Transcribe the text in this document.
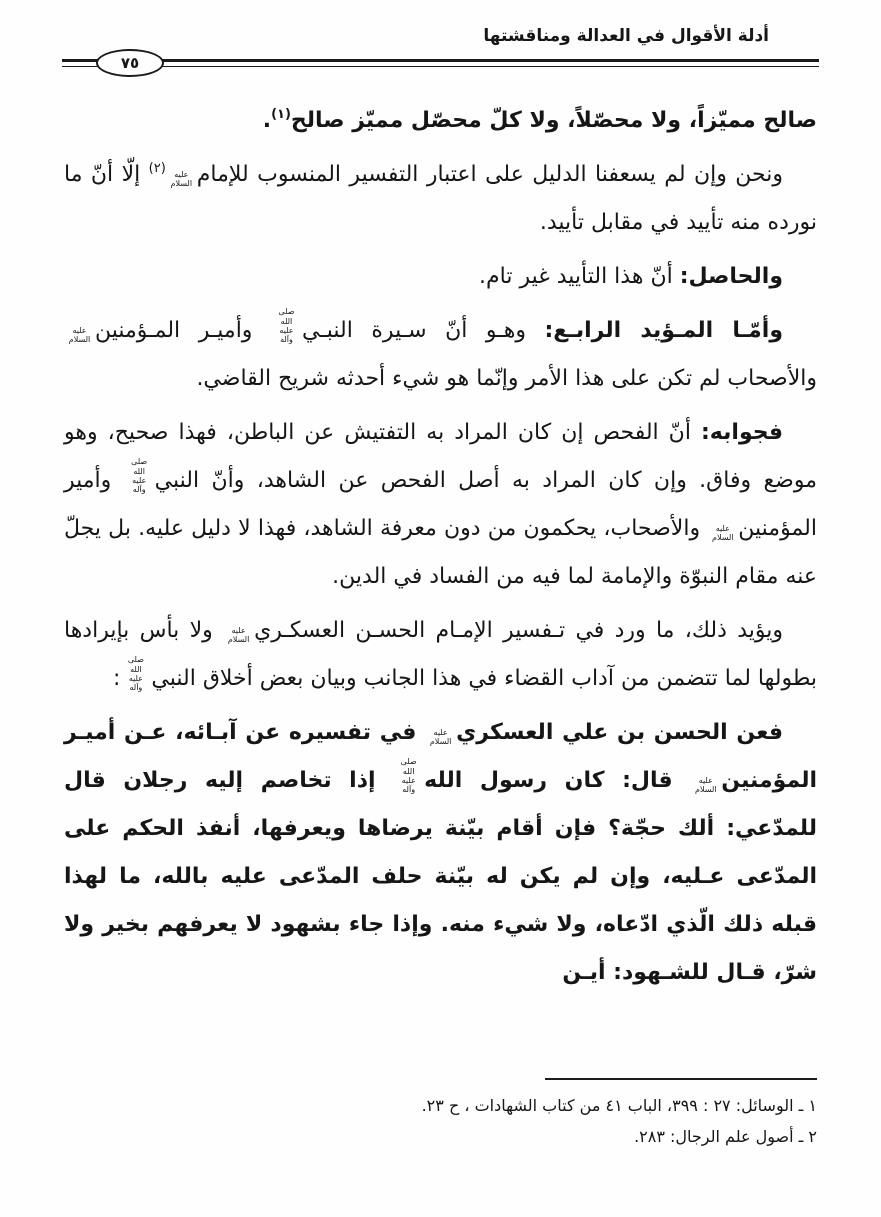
أدلة الأقوال في العدالة ومناقشتها
٧٥

صالح مميّزاً، ولا محصّلاً، ولا كلّ محصّل مميّز صالح$^{(١)}$.

ونحن وإن لم يسعفنا الدليل على اعتبار التفسير المنسوب للإمامعليه السلام$^{(٢)}$ إلّا أنّ ما نورده منه تأييد في مقابل تأييد.

والحاصل: أنّ هذا التأييد غير تام.

وأمّـا المـؤيد الرابـع: وهـو أنّ سـيرة النبـيصلى الله عليه وآله وأميـر المـؤمنينعليه السلام والأصحاب لم تكن على هذا الأمر وإنّما هو شيء أحدثه شريح القاضي.

فجوابه: أنّ الفحص إن كان المراد به التفتيش عن الباطن، فهذا صحيح، وهو موضع وفاق. وإن كان المراد به أصل الفحص عن الشاهد، وأنّ النبيصلى الله عليه وآله وأمير المؤمنينعليه السلام والأصحاب، يحكمون من دون معرفة الشاهد، فهذا لا دليل عليه. بل يجلّ عنه مقام النبوّة والإمامة لما فيه من الفساد في الدين.

ويؤيد ذلك، ما ورد في تـفسير الإمـام الحسـن العسكـريعليه السلام ولا بأس بإيرادها بطولها لما تتضمن من آداب القضاء في هذا الجانب وبيان بعض أخلاق النبيصلى الله عليه وآله:

فعن الحسن بن علي العسكريعليه السلام في تفسيره عن آبـائه، عـن أميـر المؤمنينعليه السلام قال: كان رسول اللهصلى الله عليه وآله إذا تخاصم إليه رجلان قال للمدّعي: ألك حجّة؟ فإن أقام بيّنة يرضاها ويعرفها، أنفذ الحكم على المدّعى عـليه، وإن لم يكن له بيّنة حلف المدّعى عليه بالله، ما لهذا قبله ذلك الّذي ادّعاه، ولا شيء منه. وإذا جاء بشهود لا يعرفهم بخير ولا شرّ، قـال للشـهود: أيـن

١ ـ الوسائل: ٢٧ : ٣٩٩، الباب ٤١ من كتاب الشهادات ، ح ٢٣.
٢ ـ أصول علم الرجال: ٢٨٣.
